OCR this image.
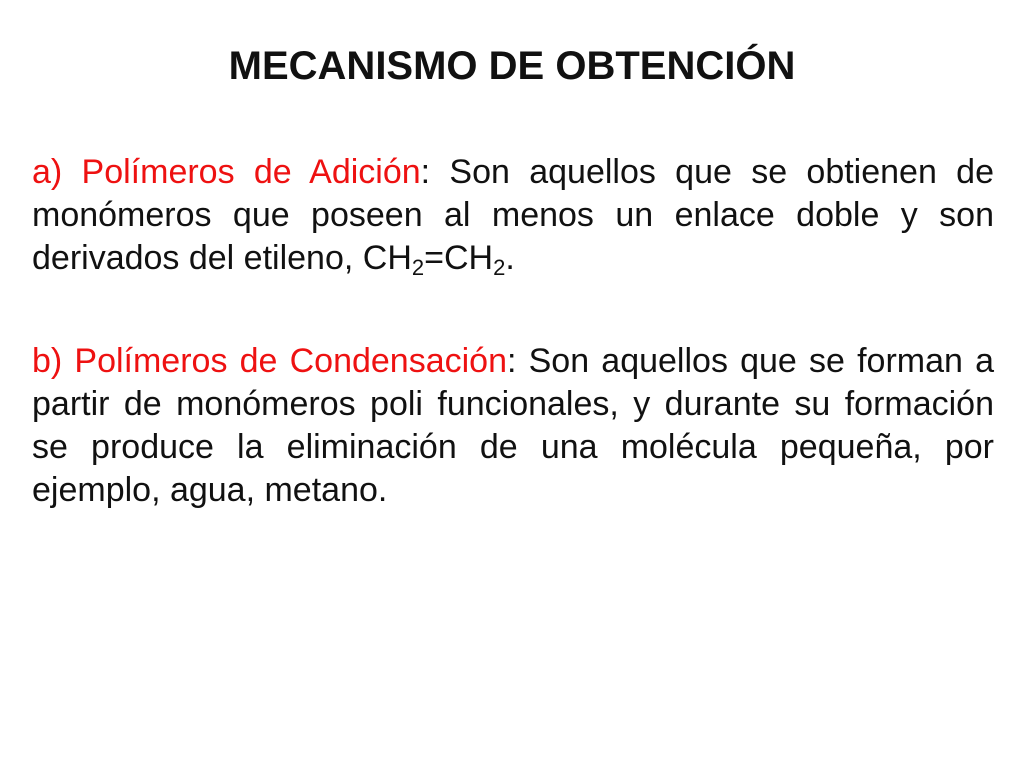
MECANISMO DE OBTENCIÓN
a) Polímeros de Adición: Son aquellos que se obtienen de monómeros que poseen al menos un enlace doble y son derivados del etileno, $CH_2=CH_2$.
b) Polímeros de Condensación: Son aquellos que se forman a partir de monómeros poli funcionales, y durante su formación se produce la eliminación de una molécula pequeña, por ejemplo, agua, metano.
